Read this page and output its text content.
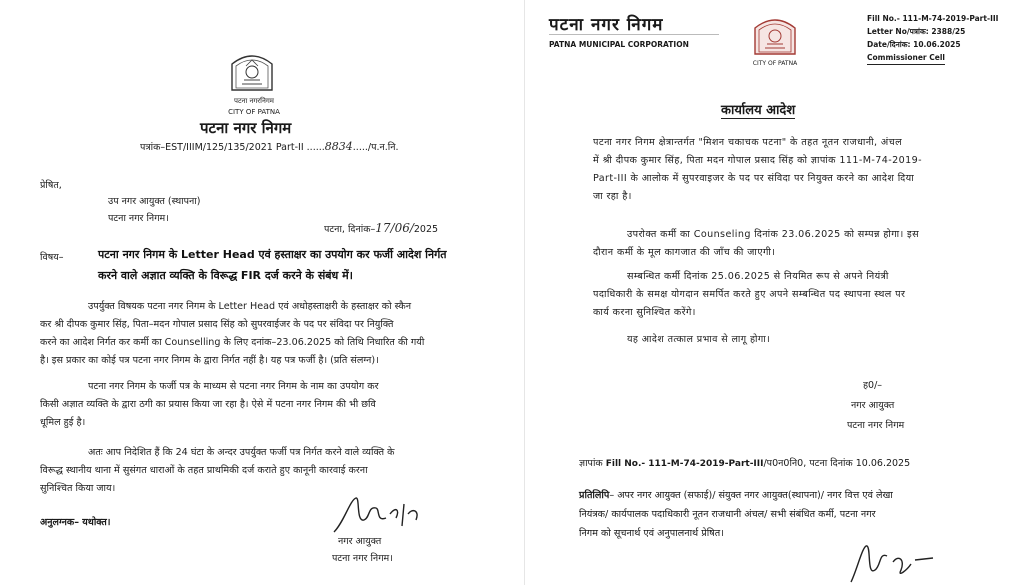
पटना नगरनिगम
CITY OF PATNA
पटना नगर निगम
पत्रांक–EST/IIIM/125/135/2021 Part-II ......8834...../प.न.नि.
प्रेषित,
उप नगर आयुक्त (स्थापना)
पटना नगर निगम।
पटना, दिनांक–17/06/2025
विषय–	पटना नगर निगम के Letter Head एवं हस्ताक्षर का उपयोग कर फर्जी आदेश निर्गत
करने वाले अज्ञात व्यक्ति के विरूद्ध FIR दर्ज करने के संबंध में।
उपर्युक्त विषयक पटना नगर निगम के Letter Head एवं अधोहस्ताक्षरी के हस्ताक्षर को स्कैन
कर श्री दीपक कुमार सिंह, पिता–मदन गोपाल प्रसाद सिंह को सुपरवाईजर के पद पर संविदा पर नियुक्ति
करने का आदेश निर्गत कर कर्मी का Counselling के लिए दनांक–23.06.2025 को तिथि निधारित की गयी
है। इस प्रकार का कोई पत्र पटना नगर निगम के द्वारा निर्गत नहीं है। यह पत्र फर्जी है। (प्रति संलग्न)।
पटना नगर निगम के फर्जी पत्र के माध्यम से पटना नगर निगम के नाम का उपयोग कर
किसी अज्ञात व्यक्ति के द्वारा ठगी का प्रयास किया जा रहा है। ऐसे में पटना नगर निगम की भी छवि
धूमिल हुई है।
अतः आप निदेशित हैं कि 24 घंटा के अन्दर उपर्युक्त फर्जी पत्र निर्गत करने वाले व्यक्ति के
विरूद्ध स्थानीय थाना में सुसंगत धाराओं के तहत प्राथमिकी दर्ज कराते हुए कानूनी कारवाई करना
सुनिश्चित किया जाय।
अनुलग्नक– यथोक्त।
नगर आयुक्त
पटना नगर निगम।
पटना नगर निगम
PATNA MUNICIPAL CORPORATION
CITY OF PATNA
Fill No.- 111-M-74-2019-Part-III
Letter No/पत्रांक: 2388/25
Date/दिनांक: 10.06.2025
Commissioner Cell
कार्यालय आदेश
पटना नगर निगम क्षेत्रान्तर्गत "मिशन चकाचक पटना" के तहत नूतन राजधानी, अंचल
में श्री दीपक कुमार सिंह, पिता मदन गोपाल प्रसाद सिंह को ज्ञापांक 111-M-74-2019-
Part-III के आलोक में सुपरवाइजर के पद पर संविदा पर नियुक्त करने का आदेश दिया
जा रहा है।
उपरोक्त कर्मी का Counseling दिनांक 23.06.2025 को सम्पन्न होगा। इस
दौरान कर्मी के मूल कागजात की जाँच की जाएगी।
सम्बन्धित कर्मी दिनांक 25.06.2025 से नियमित रूप से अपने नियंत्री
पदाधिकारी के समक्ष योगदान समर्पित करते हुए अपने सम्बन्धित पद स्थापना स्थल पर
कार्य करना सुनिश्चित करेंगे।
यह आदेश तत्काल प्रभाव से लागू होगा।
ह0/–
नगर आयुक्त
पटना नगर निगम
ज्ञापांक Fill No.- 111-M-74-2019-Part-III/प0न0नि0, पटना दिनांक 10.06.2025
प्रतिलिपि– अपर नगर आयुक्त (सफाई)/ संयुक्त नगर आयुक्त(स्थापना)/ नगर वित्त एवं लेखा
नियंत्रक/ कार्यपालक पदाधिकारी नूतन राजधानी अंचल/ सभी संबंधित कर्मी, पटना नगर
निगम को सूचनार्थ एवं अनुपालनार्थ प्रेषित।
